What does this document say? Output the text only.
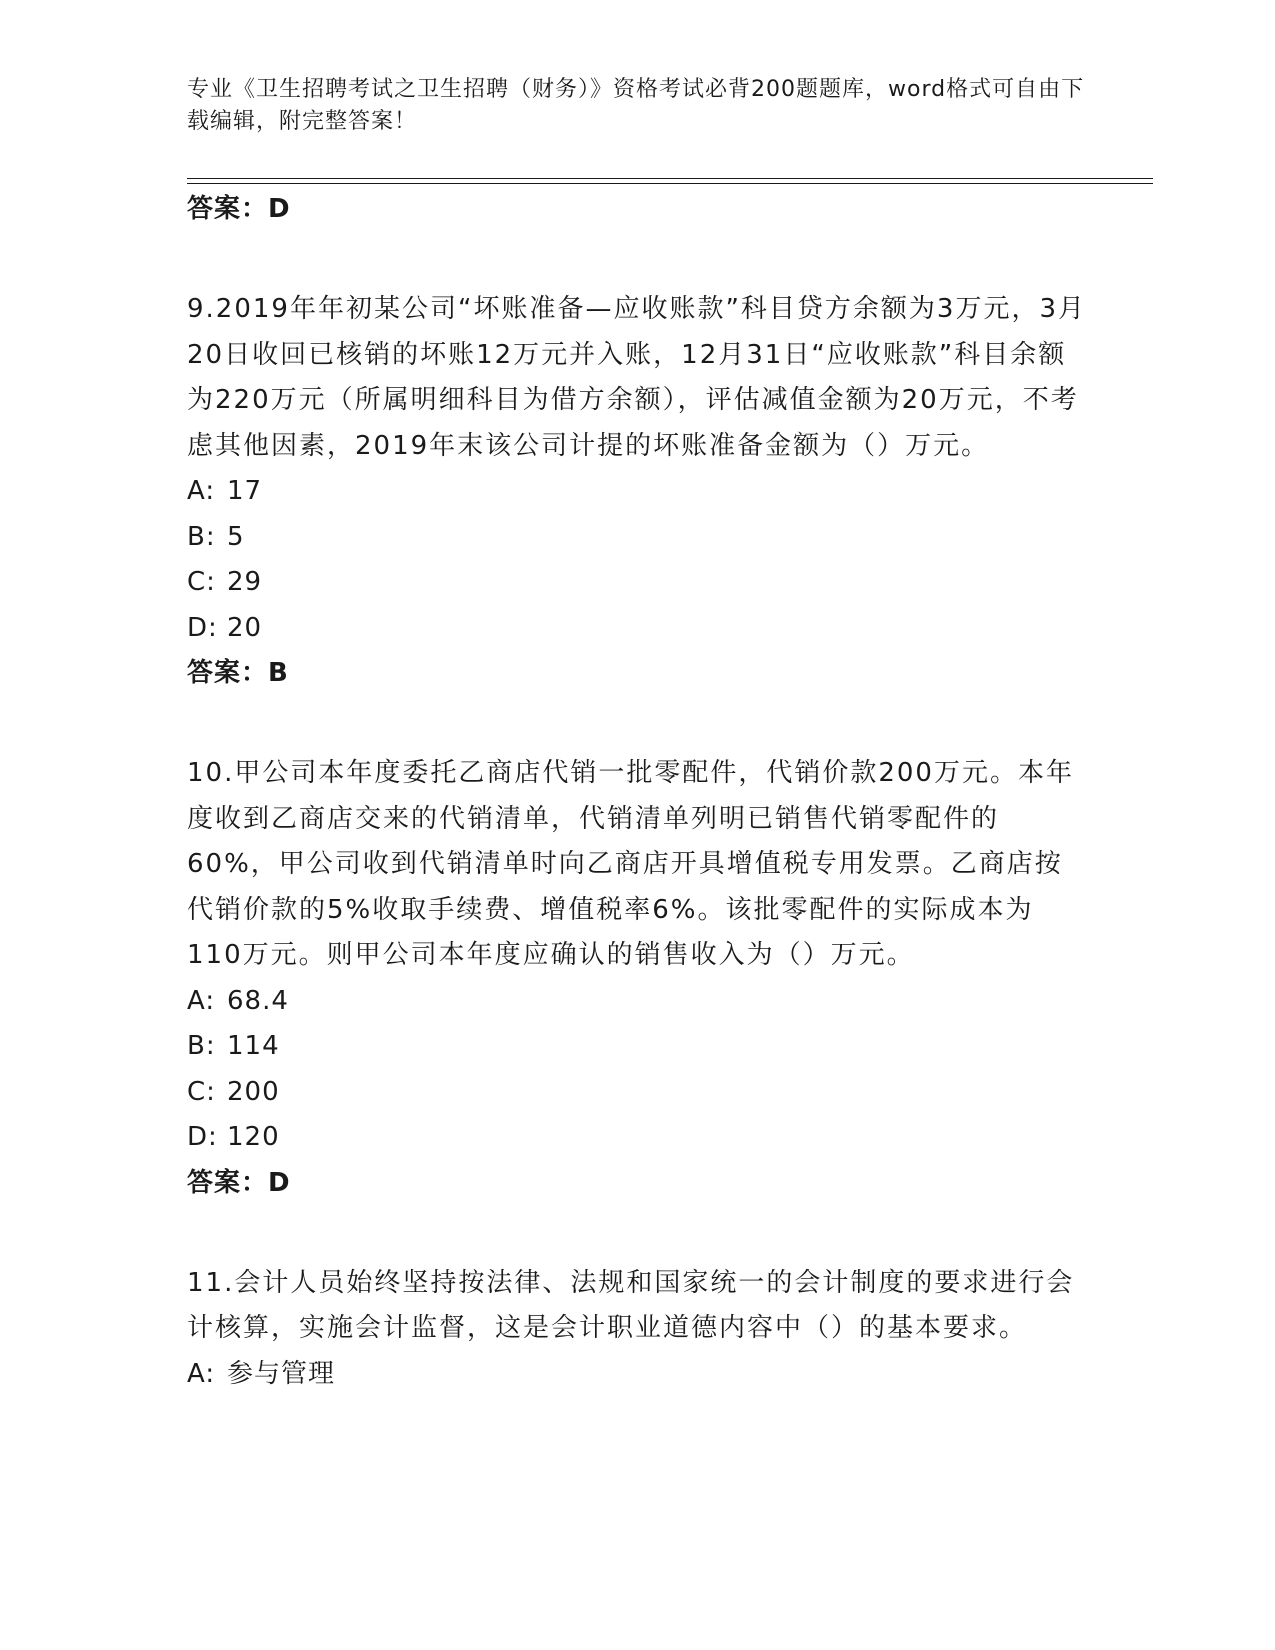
专业《卫生招聘考试之卫生招聘（财务）》资格考试必背200题题库，word格式可自由下载编辑，附完整答案！
答案：D
9.2019年年初某公司“坏账准备—应收账款”科目贷方余额为3万元，3月20日收回已核销的坏账12万元并入账，12月31日“应收账款”科目余额为220万元（所属明细科目为借方余额），评估减值金额为20万元，不考虑其他因素，2019年末该公司计提的坏账准备金额为（）万元。
A: 17
B: 5
C: 29
D: 20
答案：B
10.甲公司本年度委托乙商店代销一批零配件，代销价款200万元。本年度收到乙商店交来的代销清单，代销清单列明已销售代销零配件的60%，甲公司收到代销清单时向乙商店开具增值税专用发票。乙商店按代销价款的5%收取手续费、增值税率6%。该批零配件的实际成本为110万元。则甲公司本年度应确认的销售收入为（）万元。
A: 68.4
B: 114
C: 200
D: 120
答案：D
11.会计人员始终坚持按法律、法规和国家统一的会计制度的要求进行会计核算，实施会计监督，这是会计职业道德内容中（）的基本要求。
A: 参与管理
